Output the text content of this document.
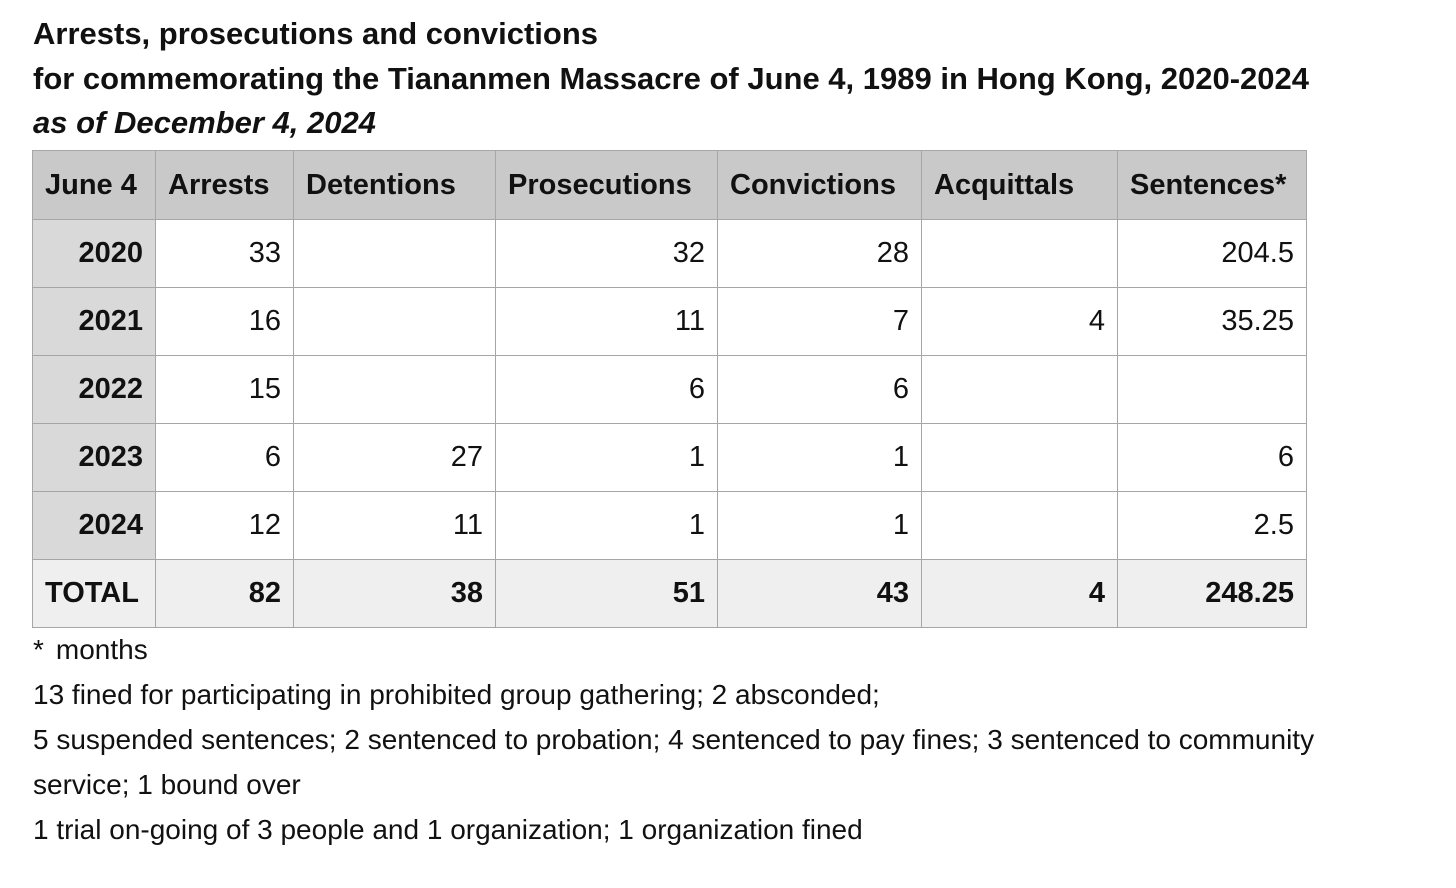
Arrests, prosecutions and convictions
for commemorating the Tiananmen Massacre of June 4, 1989 in Hong Kong, 2020-2024
as of December 4, 2024
June 4	Arrests	Detentions	Prosecutions	Convictions	Acquittals	Sentences*
2020	33		32	28		204.5
2021	16		11	7	4	35.25
2022	15		6	6		
2023	6	27	1	1		6
2024	12	11	1	1		2.5
TOTAL	82	38	51	43	4	248.25
* months
13 fined for participating in prohibited group gathering; 2 absconded;
5 suspended sentences; 2 sentenced to probation; 4 sentenced to pay fines; 3 sentenced to community
service; 1 bound over
1 trial on-going of 3 people and 1 organization; 1 organization fined
